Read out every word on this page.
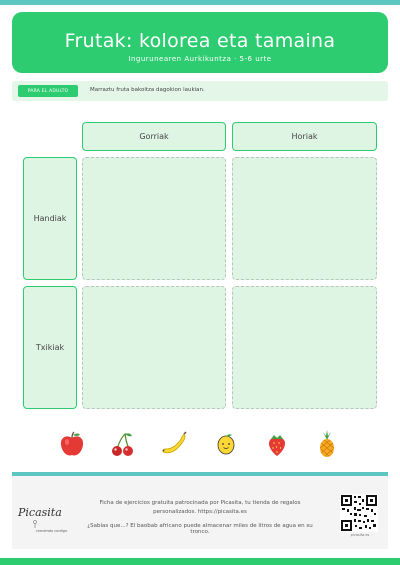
Frutak: kolorea eta tamaina
Ingurunearen Aurkikuntza · 5-6 urte
PARA EL ADULTO	Marraztu fruta bakoitza dagokion laukian.
Gorriak	Horiak
Handiak
Txikiak
Picasita
creciendo contigo
Ficha de ejercicios gratuita patrocinada por Picasita, tu tienda de regalos
personalizados. https://picasita.es
¿Sabías que...? El baobab africano puede almacenar miles de litros de agua en su tronco.	picasita.es
